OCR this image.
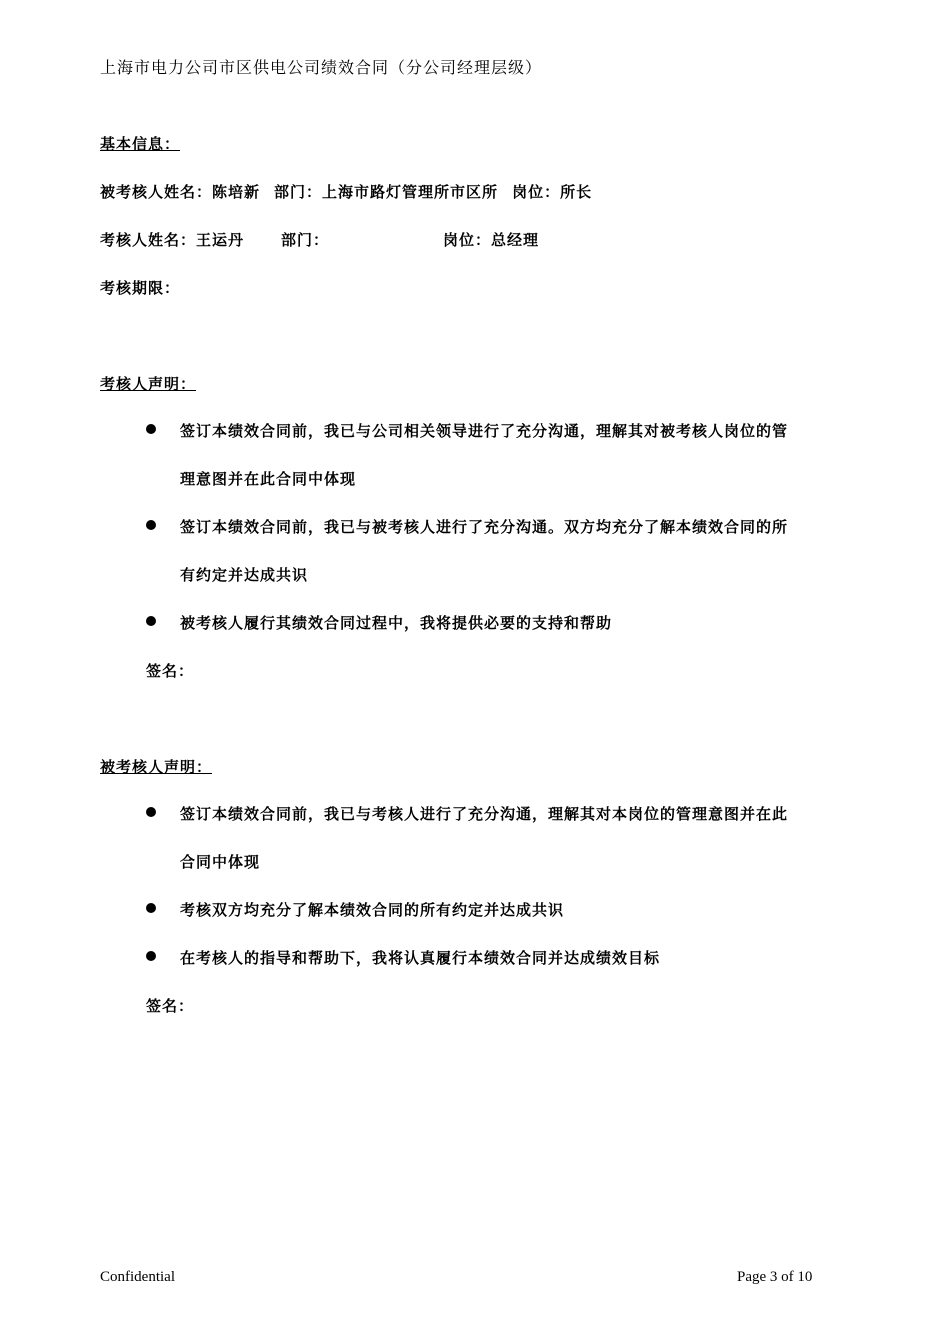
上海市电力公司市区供电公司绩效合同（分公司经理层级）
基本信息：
被考核人姓名：陈培新 部门：上海市路灯管理所市区所 岗位：所长
考核人姓名：王运丹 部门：	岗位：总经理
考核期限：
考核人声明：
签订本绩效合同前，我已与公司相关领导进行了充分沟通，理解其对被考核人岗位的管
理意图并在此合同中体现
签订本绩效合同前，我已与被考核人进行了充分沟通。双方均充分了解本绩效合同的所
有约定并达成共识
被考核人履行其绩效合同过程中，我将提供必要的支持和帮助
签名：
被考核人声明：
签订本绩效合同前，我已与考核人进行了充分沟通，理解其对本岗位的管理意图并在此
合同中体现
考核双方均充分了解本绩效合同的所有约定并达成共识
在考核人的指导和帮助下，我将认真履行本绩效合同并达成绩效目标
签名：
Confidential	Page 3 of 10
